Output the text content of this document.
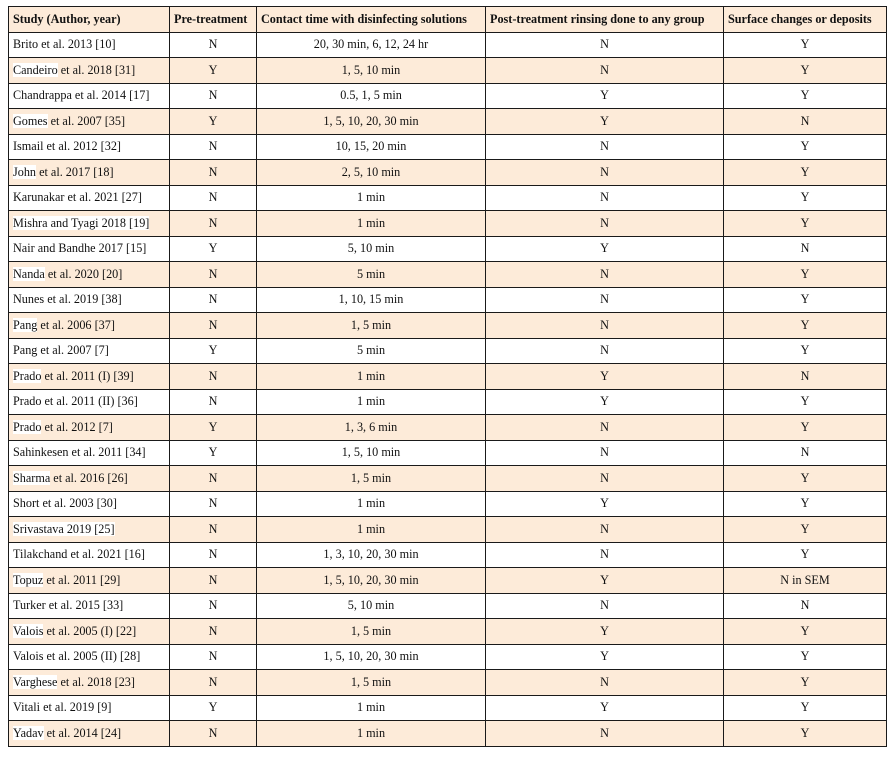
Study (Author, year)	Pre-treatment	Contact time with disinfecting solutions	Post-treatment rinsing done to any group	Surface changes or deposits
Brito et al. 2013 [10]	N	20, 30 min, 6, 12, 24 hr	N	Y
Candeiro et al. 2018 [31]	Y	1, 5, 10 min	N	Y
Chandrappa et al. 2014 [17]	N	0.5, 1, 5 min	Y	Y
Gomes et al. 2007 [35]	Y	1, 5, 10, 20, 30 min	Y	N
Ismail et al. 2012 [32]	N	10, 15, 20 min	N	Y
John et al. 2017 [18]	N	2, 5, 10 min	N	Y
Karunakar et al. 2021 [27]	N	1 min	N	Y
Mishra and Tyagi 2018 [19]	N	1 min	N	Y
Nair and Bandhe 2017 [15]	Y	5, 10 min	Y	N
Nanda et al. 2020 [20]	N	5 min	N	Y
Nunes et al. 2019 [38]	N	1, 10, 15 min	N	Y
Pang et al. 2006 [37]	N	1, 5 min	N	Y
Pang et al. 2007 [7]	Y	5 min	N	Y
Prado et al. 2011 (I) [39]	N	1 min	Y	N
Prado et al. 2011 (II) [36]	N	1 min	Y	Y
Prado et al. 2012 [7]	Y	1, 3, 6 min	N	Y
Sahinkesen et al. 2011 [34]	Y	1, 5, 10 min	N	N
Sharma et al. 2016 [26]	N	1, 5 min	N	Y
Short et al. 2003 [30]	N	1 min	Y	Y
Srivastava 2019 [25]	N	1 min	N	Y
Tilakchand et al. 2021 [16]	N	1, 3, 10, 20, 30 min	N	Y
Topuz et al. 2011 [29]	N	1, 5, 10, 20, 30 min	Y	N in SEM
Turker et al. 2015 [33]	N	5, 10 min	N	N
Valois et al. 2005 (I) [22]	N	1, 5 min	Y	Y
Valois et al. 2005 (II) [28]	N	1, 5, 10, 20, 30 min	Y	Y
Varghese et al. 2018 [23]	N	1, 5 min	N	Y
Vitali et al. 2019 [9]	Y	1 min	Y	Y
Yadav et al. 2014 [24]	N	1 min	N	Y
